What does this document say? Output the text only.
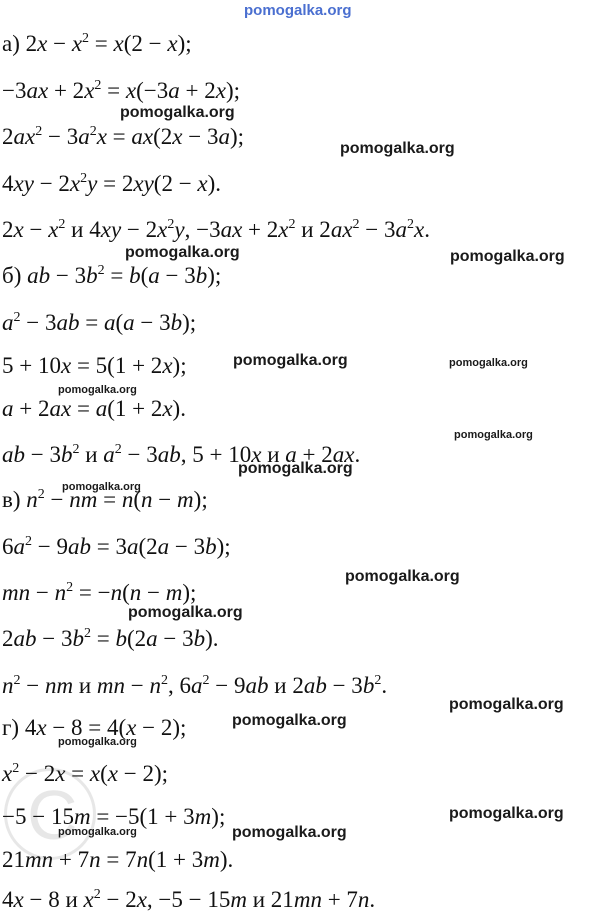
C
а) $2x - x^2 = x(2 - x)$;
$-3ax + 2x^2 = x(-3a + 2x)$;
$2ax^2 - 3a^2x = ax(2x - 3a)$;
$4xy - 2x^2y = 2xy(2 - x)$.
$2x - x^2$ и $4xy - 2x^2y$, $-3ax + 2x^2$ и $2ax^2 - 3a^2x$.
б) ab − $3b^2 = b(a - 3b)$;
$a^2 - 3ab = a(a - 3b)$;
5 + 10x = 5(1 + 2x);
a + 2ax = a(1 + 2x).
ab − $3b^2$ и $a^2 - 3ab$, 5 + 10x и a + 2ax.
в) $n^2$ − nm = n(n − m);
$6a^2 - 9ab = 3a(2a - 3b)$;
mn − $n^2 = -n(n - m)$;
$2ab - 3b^2 = b(2a - 3b)$.
$n^2$ − nm и mn − $n^2$, $6a^2 - 9ab$ и $2ab - 3b^2$.
г) 4x − 8 = 4(x − 2);
$x^2 - 2x = x(x - 2)$;
−5 − 15m = −5(1 + 3m);
21mn + 7n = 7n(1 + 3m).
4x − 8 и $x^2 - 2x$, −5 − 15m и 21mn + 7n.
pomogalka.org
pomogalka.org
pomogalka.org
pomogalka.org	pomogalka.org
pomogalka.org	pomogalka.org
pomogalka.org
pomogalka.org
pomogalka.org
pomogalka.org
pomogalka.org
pomogalka.org
pomogalka.org
pomogalka.org
pomogalka.org
pomogalka.org
pomogalka.org	pomogalka.org
